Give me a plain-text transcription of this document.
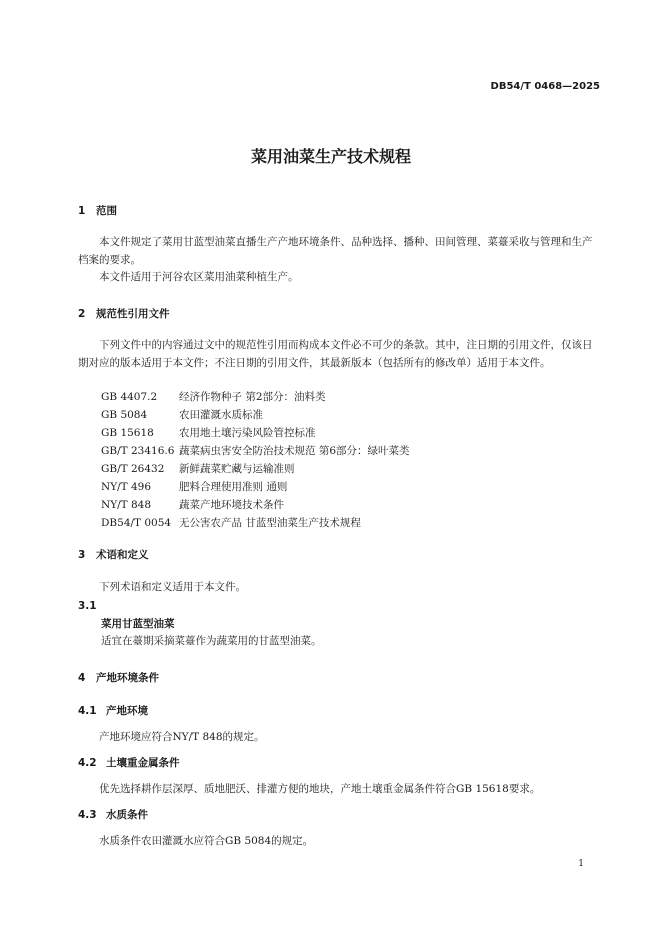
DB54/T 0468—2025
菜用油菜生产技术规程
1 范围
本文件规定了菜用甘蓝型油菜直播生产产地环境条件、品种选择、播种、田间管理、菜薹采收与管理和生产档案的要求。
本文件适用于河谷农区菜用油菜种植生产。
2 规范性引用文件
下列文件中的内容通过文中的规范性引用而构成本文件必不可少的条款。其中，注日期的引用文件，仅该日期对应的版本适用于本文件；不注日期的引用文件，其最新版本（包括所有的修改单）适用于本文件。
GB 4407.2 经济作物种子 第2部分：油料类
GB 5084	农田灌溉水质标准
GB 15618 农用地土壤污染风险管控标准
GB/T 23416.6 蔬菜病虫害安全防治技术规范 第6部分：绿叶菜类
GB/T 26432 新鲜蔬菜贮藏与运输准则
NY/T 496	肥料合理使用准则 通则
NY/T 848	蔬菜产地环境技术条件
DB54/T 0054 无公害农产品 甘蓝型油菜生产技术规程
3 术语和定义
下列术语和定义适用于本文件。
3.1
菜用甘蓝型油菜
适宜在薹期采摘菜薹作为蔬菜用的甘蓝型油菜。
4 产地环境条件
4.1 产地环境
产地环境应符合NY/T 848的规定。
4.2 土壤重金属条件
优先选择耕作层深厚、质地肥沃、排灌方便的地块，产地土壤重金属条件符合GB 15618要求。
4.3 水质条件
水质条件农田灌溉水应符合GB 5084的规定。
1
